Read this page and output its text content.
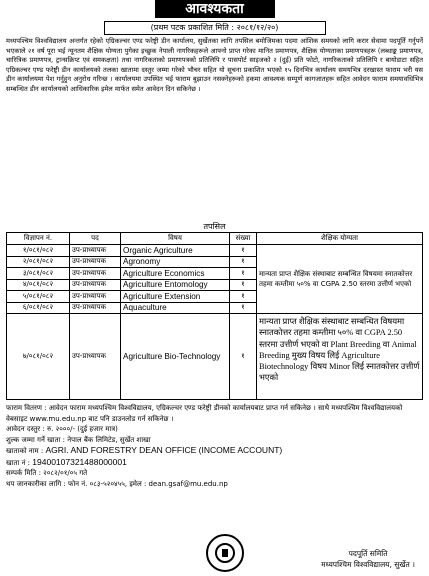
आवश्यकता
(प्रथम पटक प्रकाशित मिति : २०८१/१२/२०)
मध्यपश्चिम विश्वविद्यालय अन्तर्गत रहेको एग्रिकल्चर एण्ड फरेष्ट्री डीन कार्यालय, सुर्खेतका लागि तपसिल बमोजिमका पदमा आंशिक समयको लागि करार सेवामा पदपूर्ति गर्नुपर्ने भएकाले २१ वर्ष पूरा भई न्यूनतम शैक्षिक योग्यता पुगेका इच्छुक नेपाली नागरिकहरूले आफ्नो प्राप्त गरेका मानित प्रमाणपत्र, शैक्षिक योग्यताका प्रमाणपत्रहरू (लब्धाङ्क प्रमाणपत्र, चारित्रिक प्रमाणपत्र, ट्रान्सक्रिप्ट एवं समकक्षता) तथा नागरिकताको प्रमाणपत्रको प्रतिलिपि र पासपोर्ट साइजको २ (दुई) प्रति फोटो, नागरिकताको प्रतिलिपि र बायोडाटा सहित एग्रिकल्चर एण्ड फरेष्ट्री डीन कार्यालयको तलका खातामा दस्तुर जम्मा गरेको भौचर सहित यो सूचना प्रकाशित भएको १५ दिनभित्र कार्यालय समयभित्र दरखास्त फाराम भरी यस डीन कार्यालयमा पेश गर्नुहुन अनुरोध गरिन्छ । कार्यालयमा उपस्थित भई फाराम बुझाउन नसक्नेहरूको हकमा आवश्यक सम्पूर्ण कागजातहरू सहित आवेदन फाराम समयावधिभित्र सम्बन्धित डीन कार्यालयको आधिकारिक इमेल मार्फत समेत आवेदन दिन सकिनेछ ।
तपसिल
विज्ञापन नं.	पद	विषय	संख्या	शैक्षिक योग्यता
१/०८१/०८२	उप-प्राध्यापक	Organic Agriculture	१	मान्यता प्राप्त शैक्षिक संस्थाबाट सम्बन्धित विषयमा स्नातकोत्तर तहमा कम्तीमा ५०% वा CGPA 2.50 स्तरमा उत्तीर्ण भएको
२/०८१/०८२	उप-प्राध्यापक	Agronomy	१	
३/०८१/०८२	उप-प्राध्यापक	Agriculture Economics	१	
४/०८१/०८२	उप-प्राध्यापक	Agriculture Entomology	१	
५/०८१/०८२	उप-प्राध्यापक	Agriculture Extension	१	
६/०८१/०८२	उप-प्राध्यापक	Aquaculture	१	
७/०८१/०८२	उप-प्राध्यापक	Agriculture Bio-Technology	१	मान्यता प्राप्त शैक्षिक संस्थाबाट सम्बन्धित विषयमा स्नातकोत्तर तहमा कम्तीमा ५०% वा CGPA 2.50 स्तरमा उत्तीर्ण भएको वा Plant Breeding वा Animal Breeding मुख्य विषय लिई Agriculture Biotechnology विषय Minor लिई स्नातकोत्तर उत्तीर्ण भएको
फाराम वितरण : आवेदन फाराम मध्यपश्चिम विश्वविद्यालय, एग्रिकल्चर एण्ड फरेष्ट्री डीनको कार्यालयबाट प्राप्त गर्न सकिनेछ । साथै मध्यपश्चिम विश्वविद्यालयको वेबसाइट www.mu.edu.np बाट पनि डाउनलोड गर्न सकिनेछ ।
आवेदन दस्तुर : रु. २०००/- (दुई हजार मात्र)
शुल्क जम्मा गर्ने खाता : नेपाल बैंक लिमिटेड, सुर्खेत शाखा
खाताको नाम : AGRI. AND FORESTRY DEAN OFFICE (INCOME ACCOUNT)
खाता नं : 19400107321488000001
सम्पर्क मिति : २०८२/०१/०५ गते
थप जानकारीका लागि : फोन नं. ०८३-५२०४५५, इमेल : dean.gsaf@mu.edu.np
पदपूर्ति समिति
मध्यपश्चिम विश्वविद्यालय, सुर्खेत ।
